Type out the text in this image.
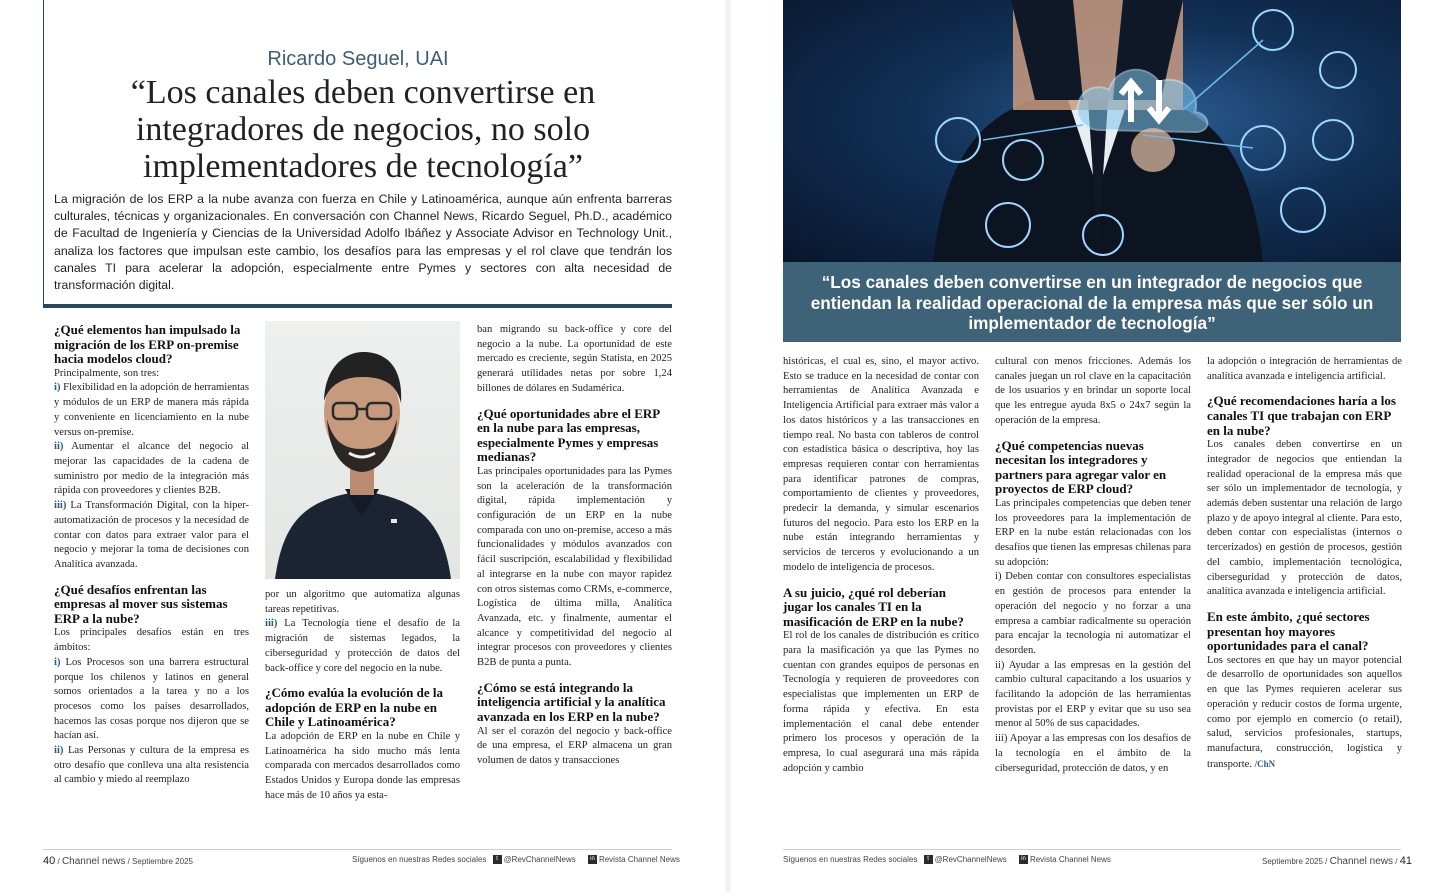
Ricardo Seguel, UAI
“Los canales deben convertirse en integradores de negocios, no solo implementadores de tecnología”
La migración de los ERP a la nube avanza con fuerza en Chile y Latinoamérica, aunque aún enfrenta barreras culturales, técnicas y organizacionales. En conversación con Channel News, Ricardo Seguel, Ph.D., académico de Facultad de Ingeniería y Ciencias de la Universidad Adolfo Ibáñez y Associate Advisor en Technology Unit., analiza los factores que impulsan este cambio, los desafíos para las empresas y el rol clave que tendrán los canales TI para acelerar la adopción, especialmente entre Pymes y sectores con alta necesidad de transformación digital.
¿Qué elementos han impulsado la migración de los ERP on-premise hacia modelos cloud?

Principalmente, son tres:

i) Flexibilidad en la adopción de herramientas y módulos de un ERP de manera más rápida y conveniente en licenciamiento en la nube versus on-premise.

ii) Aumentar el alcance del negocio al mejorar las capacidades de la cadena de suministro por medio de la integración más rápida con proveedores y clientes B2B.

iii) La Transformación Digital, con la hiper-automatización de procesos y la necesidad de contar con datos para extraer valor para el negocio y mejorar la toma de decisiones con Analítica avanzada.

¿Qué desafíos enfrentan las empresas al mover sus sistemas ERP a la nube?

Los principales desafíos están en tres ámbitos:

i) Los Procesos son una barrera estructural porque los chilenos y latinos en general somos orientados a la tarea y no a los procesos como los países desarrollados, hacemos las cosas porque nos dijeron que se hacían así.

ii) Las Personas y cultura de la empresa es otro desafío que conlleva una alta resistencia al cambio y miedo al reemplazo

por un algoritmo que automatiza algunas tareas repetitivas.

iii) La Tecnología tiene el desafío de la migración de sistemas legados, la ciberseguridad y protección de datos del back-office y core del negocio en la nube.

¿Cómo evalúa la evolución de la adopción de ERP en la nube en Chile y Latinoamérica?

La adopción de ERP en la nube en Chile y Latinoamérica ha sido mucho más lenta comparada con mercados desarrollados como Estados Unidos y Europa donde las empresas hace más de 10 años ya esta-

ban migrando su back-office y core del negocio a la nube. La oportunidad de este mercado es creciente, según Statista, en 2025 generará utilidades netas por sobre 1,24 billones de dólares en Sudamérica.

¿Qué oportunidades abre el ERP en la nube para las empresas, especialmente Pymes y empresas medianas?

Las principales oportunidades para las Pymes son la aceleración de la transformación digital, rápida implementación y configuración de un ERP en la nube comparada con uno on-premise, acceso a más funcionalidades y módulos avanzados con fácil suscripción, escalabilidad y flexibilidad al integrarse en la nube con mayor rapidez con otros sistemas como CRMs, e-commerce, Logística de última milla, Analítica Avanzada, etc. y finalmente, aumentar el alcance y competitividad del negocio al integrar procesos con proveedores y clientes B2B de punta a punta.

¿Cómo se está integrando la inteligencia artificial y la analítica avanzada en los ERP en la nube?

Al ser el corazón del negocio y back-office de una empresa, el ERP almacena un gran volumen de datos y transacciones

40 / Channel news / Septiembre 2025	Síguenos en nuestras Redes sociales t @RevChannelNews in Revista Channel News
“Los canales deben convertirse en un integrador de negocios que entiendan la realidad operacional de la empresa más que ser sólo un implementador de tecnología”

históricas, el cual es, sino, el mayor activo. Esto se traduce en la necesidad de contar con herramientas de Analítica Avanzada e Inteligencia Artificial para extraer más valor a los datos históricos y a las transacciones en tiempo real. No basta con tableros de control con estadística básica o descriptiva, hoy las empresas requieren contar con herramientas para identificar patrones de compras, comportamiento de clientes y proveedores, predecir la demanda, y simular escenarios futuros del negocio. Para esto los ERP en la nube están integrando herramientas y servicios de terceros y evolucionando a un modelo de inteligencia de procesos.

A su juicio, ¿qué rol deberían jugar los canales TI en la masificación de ERP en la nube?

El rol de los canales de distribución es crítico para la masificación ya que las Pymes no cuentan con grandes equipos de personas en Tecnología y requieren de proveedores con especialistas que implementen un ERP de forma rápida y efectiva. En esta implementación el canal debe entender primero los procesos y operación de la empresa, lo cual asegurará una más rápida adopción y cambio

cultural con menos fricciones. Además los canales juegan un rol clave en la capacitación de los usuarios y en brindar un soporte local que les entregue ayuda 8x5 o 24x7 según la operación de la empresa.

¿Qué competencias nuevas necesitan los integradores y partners para agregar valor en proyectos de ERP cloud?

Las principales competencias que deben tener los proveedores para la implementación de ERP en la nube están relacionadas con los desafíos que tienen las empresas chilenas para su adopción:

i) Deben contar con consultores especialistas en gestión de procesos para entender la operación del negocio y no forzar a una empresa a cambiar radicalmente su operación para encajar la tecnología ni automatizar el desorden.

ii) Ayudar a las empresas en la gestión del cambio cultural capacitando a los usuarios y facilitando la adopción de las herramientas provistas por el ERP y evitar que su uso sea menor al 50% de sus capacidades.

iii) Apoyar a las empresas con los desafíos de la tecnología en el ámbito de la ciberseguridad, protección de datos, y en

la adopción o integración de herramientas de analítica avanzada e inteligencia artificial.

¿Qué recomendaciones haría a los canales TI que trabajan con ERP en la nube?

Los canales deben convertirse en un integrador de negocios que entiendan la realidad operacional de la empresa más que ser sólo un implementador de tecnología, y además deben sustentar una relación de largo plazo y de apoyo integral al cliente. Para esto, deben contar con especialistas (internos o tercerizados) en gestión de procesos, gestión del cambio, implementación tecnológica, ciberseguridad y protección de datos, analítica avanzada e inteligencia artificial.

En este ámbito, ¿qué sectores presentan hoy mayores oportunidades para el canal?

Los sectores en que hay un mayor potencial de desarrollo de oportunidades son aquellos en que las Pymes requieren acelerar sus operación y reducir costos de forma urgente, como por ejemplo en comercio (o retail), salud, servicios profesionales, startups, manufactura, construcción, logística y transporte. /ChN

Síguenos en nuestras Redes sociales t @RevChannelNews in Revista Channel News	Septiembre 2025 / Channel news / 41
